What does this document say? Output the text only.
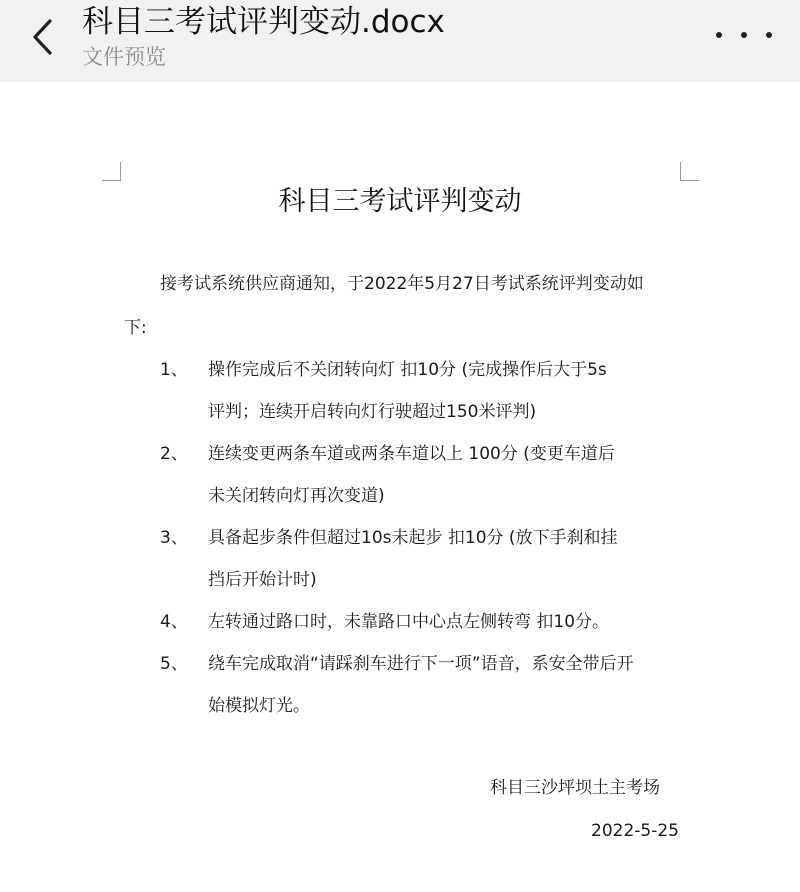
科目三考试评判变动.docx
文件预览
科目三考试评判变动
接考试系统供应商通知，于2022年5月27日考试系统评判变动如
下:
1、 操作完成后不关闭转向灯 扣10分 (完成操作后大于5s
评判；连续开启转向灯行驶超过150米评判)
2、 连续变更两条车道或两条车道以上 100分 (变更车道后
未关闭转向灯再次变道)
3、 具备起步条件但超过10s未起步 扣10分 (放下手刹和挂
挡后开始计时)
4、 左转通过路口时，未靠路口中心点左侧转弯 扣10分。
5、 绕车完成取消“请踩刹车进行下一项”语音，系安全带后开
始模拟灯光。
科目三沙坪坝土主考场
2022-5-25
